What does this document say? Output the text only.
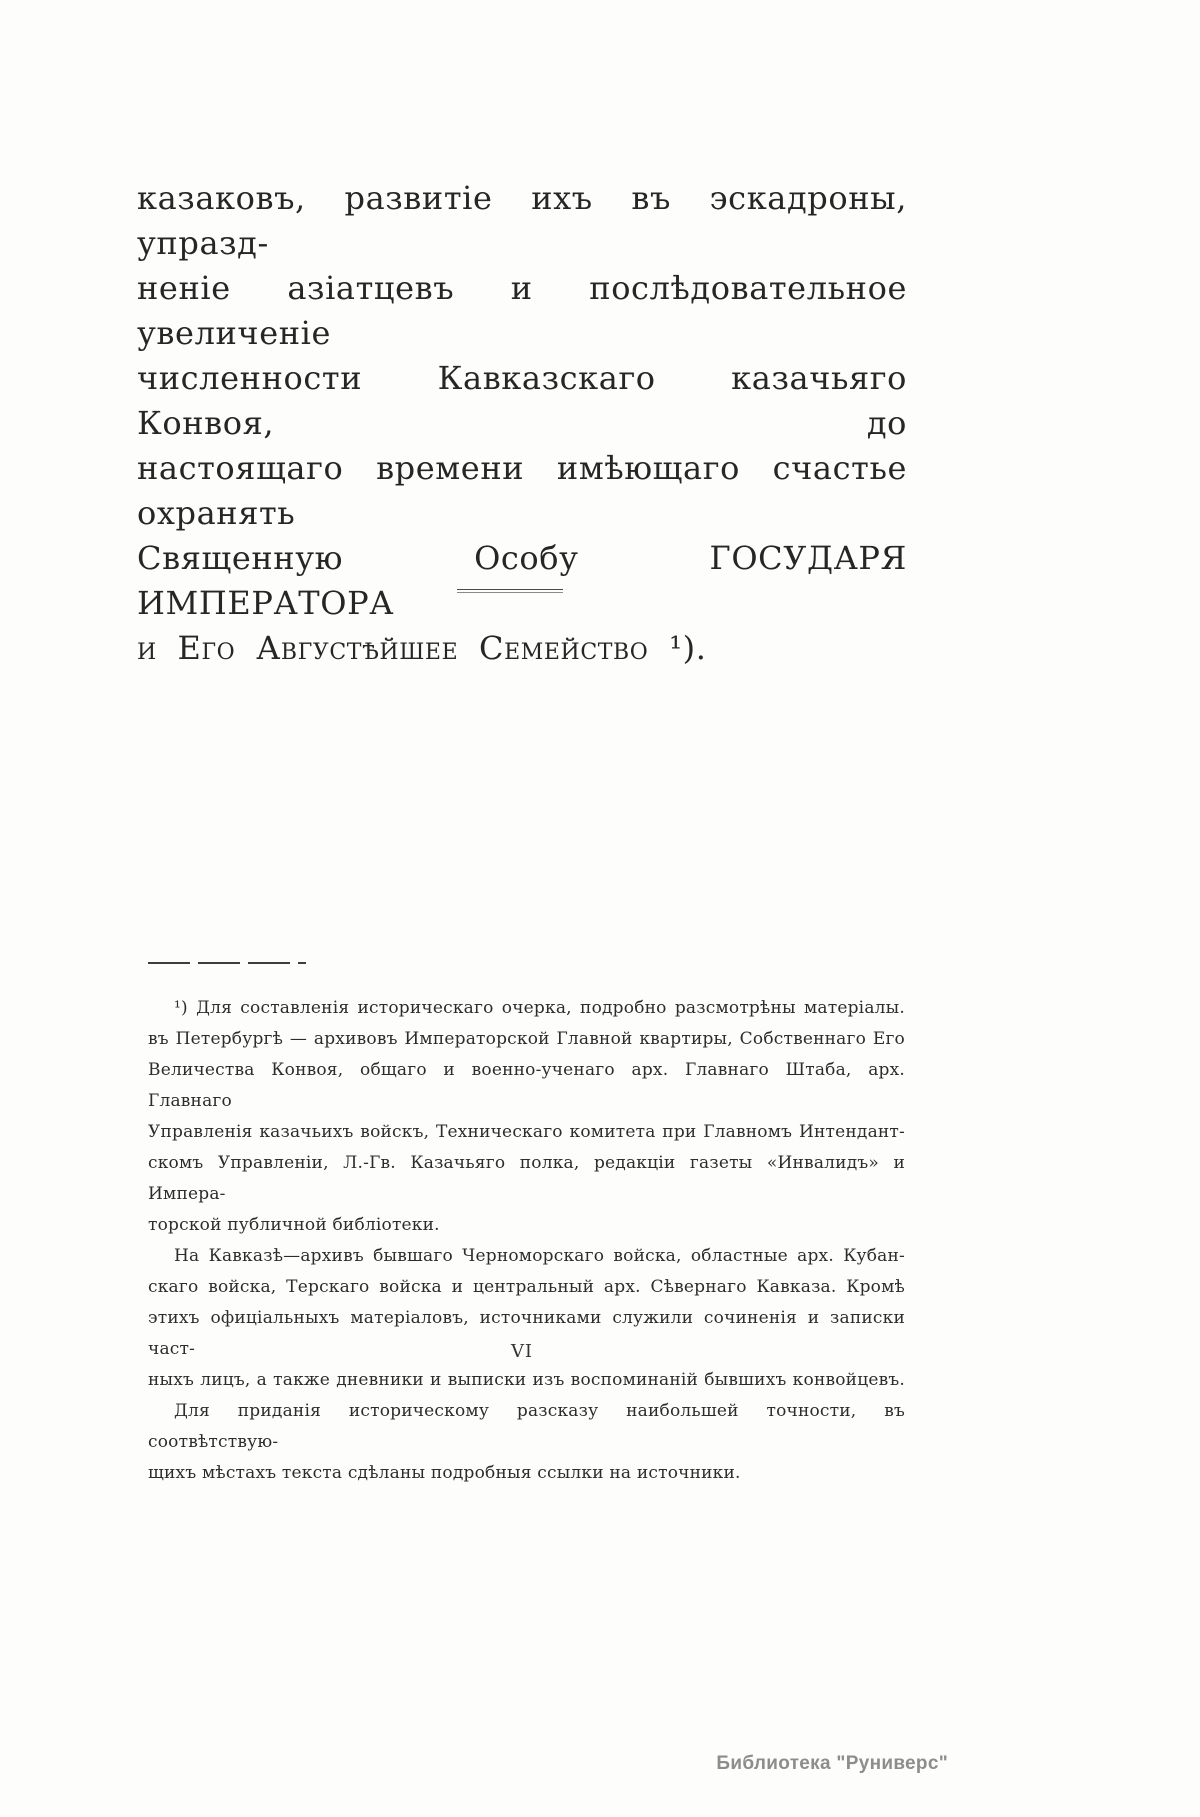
казаковъ, развитіе ихъ въ эскадроны, упразд-
неніе азіатцевъ и послѣдовательное увеличеніе
численности Кавказскаго казачьяго Конвоя, до
настоящаго времени имѣющаго счастье охранять
Священную Особу ГОСУДАРЯ ИМПЕРАТОРА
и Его Августѣйшее Семейство ¹).
¹) Для составленія историческаго очерка, подробно разсмотрѣны матеріалы.
въ Петербургѣ — архивовъ Императорской Главной квартиры, Собственнаго Его
Величества Конвоя, общаго и военно-ученаго арх. Главнаго Штаба, арх. Главнаго
Управленія казачьихъ войскъ, Техническаго комитета при Главномъ Интендант-
скомъ Управленіи, Л.-Гв. Казачьяго полка, редакціи газеты «Инвалидъ» и Импера-
торской публичной библіотеки.
На Кавказѣ—архивъ бывшаго Черноморскаго войска, областные арх. Кубан-
скаго войска, Терскаго войска и центральный арх. Сѣвернаго Кавказа. Кромѣ
этихъ офиціальныхъ матеріаловъ, источниками служили сочиненія и записки част-
ныхъ лицъ, а также дневники и выписки изъ воспоминаній бывшихъ конвойцевъ.
Для приданія историческому разсказу наибольшей точности, въ соотвѣтствую-
щихъ мѣстахъ текста сдѣланы подробныя ссылки на источники.
VI
Библиотека "Руниверс"
